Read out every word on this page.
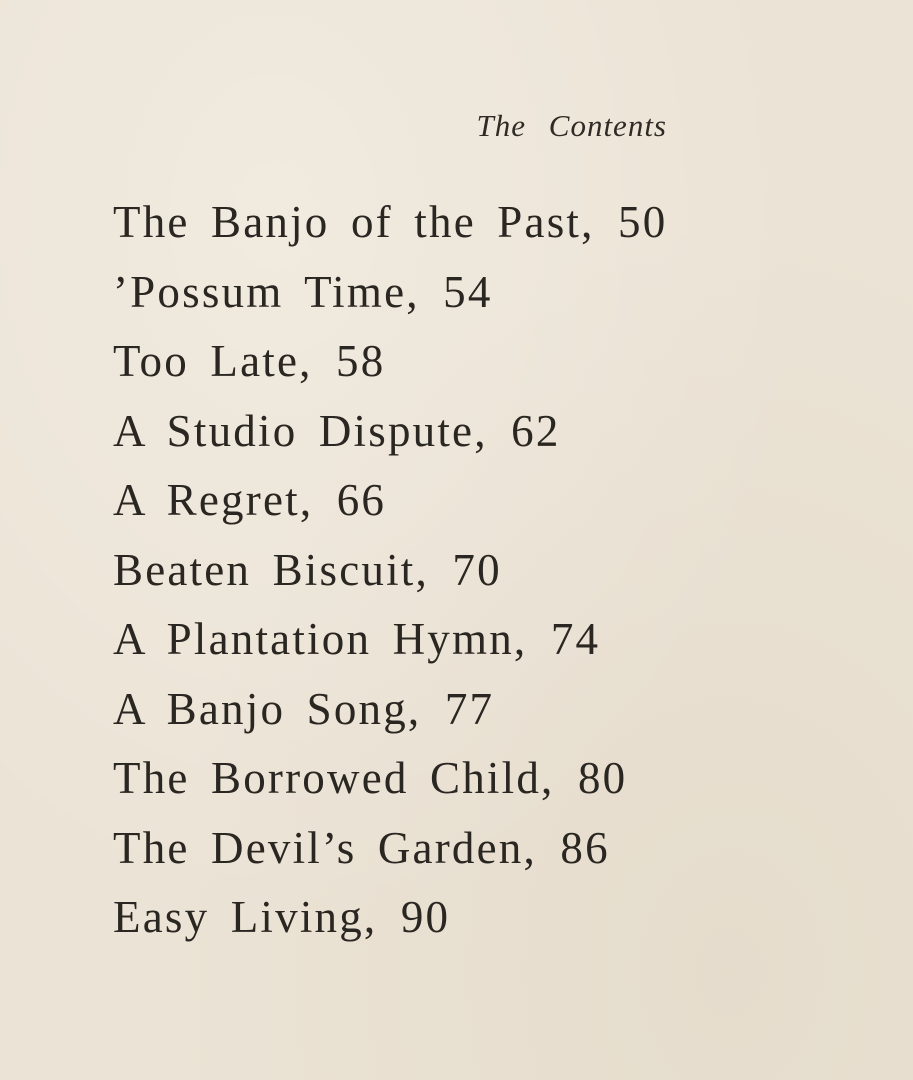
The Contents
The Banjo of the Past, 50
’Possum Time, 54
Too Late, 58
A Studio Dispute, 62
A Regret, 66
Beaten Biscuit, 70
A Plantation Hymn, 74
A Banjo Song, 77
The Borrowed Child, 80
The Devil’s Garden, 86
Easy Living, 90
